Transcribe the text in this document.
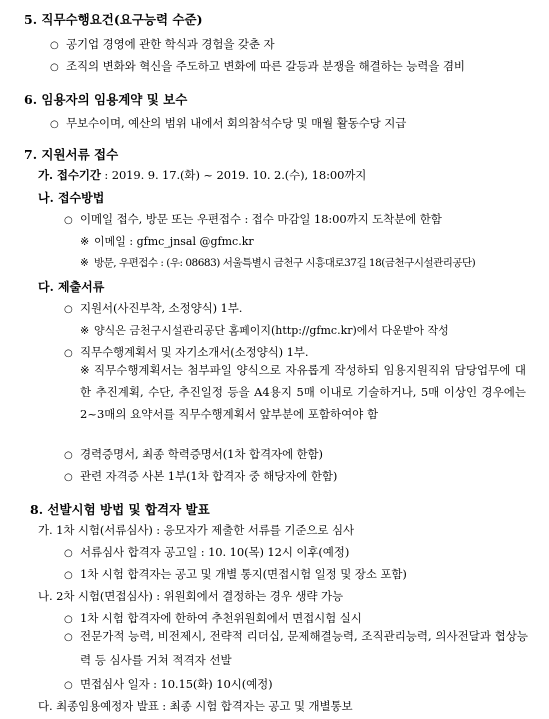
5. 직무수행요건(요구능력 수준)
○ 공기업 경영에 관한 학식과 경험을 갖춘 자
○ 조직의 변화와 혁신을 주도하고 변화에 따른 갈등과 분쟁을 해결하는 능력을 겸비
6. 임용자의 임용계약 및 보수
○ 무보수이며, 예산의 범위 내에서 회의참석수당 및 매월 활동수당 지급
7. 지원서류 접수
가. 접수기간 : 2019. 9. 17.(화) ~ 2019. 10. 2.(수), 18:00까지
나. 접수방법
○ 이메일 접수, 방문 또는 우편접수 : 접수 마감일 18:00까지 도착분에 한함
※ 이메일 : gfmc_jnsal @gfmc.kr
※ 방문, 우편접수 : (우: 08683) 서울특별시 금천구 시흥대로37길 18(금천구시설관리공단)
다. 제출서류
○ 지원서(사진부착, 소정양식) 1부.
※ 양식은 금천구시설관리공단 홈페이지(http://gfmc.kr)에서 다운받아 작성
○ 직무수행계획서 및 자기소개서(소정양식) 1부.
※ 직무수행계획서는 첨부파일 양식으로 자유롭게 작성하되 임용지원직위 담당업무에 대한 추진계획, 수단, 추진일정 등을 A4용지 5매 이내로 기술하거나, 5매 이상인 경우에는 2~3매의 요약서를 직무수행계획서 앞부분에 포함하여야 함
○ 경력증명서, 최종 학력증명서(1차 합격자에 한함)
○ 관련 자격증 사본 1부(1차 합격자 중 해당자에 한함)
8. 선발시험 방법 및 합격자 발표
가. 1차 시험(서류심사) : 응모자가 제출한 서류를 기준으로 심사
○ 서류심사 합격자 공고일 : 10. 10(목) 12시 이후(예정)
○ 1차 시험 합격자는 공고 및 개별 통지(면접시험 일정 및 장소 포함)
나. 2차 시험(면접심사) : 위원회에서 결정하는 경우 생략 가능
○ 1차 시험 합격자에 한하여 추천위원회에서 면접시험 실시
○ 전문가적 능력, 비전제시, 전략적 리더십, 문제해결능력, 조직관리능력, 의사전달과 협상능력 등 심사를 거쳐 적격자 선발
○ 면접심사 일자 : 10.15(화) 10시(예정)
다. 최종임용예정자 발표 : 최종 시험 합격자는 공고 및 개별통보
